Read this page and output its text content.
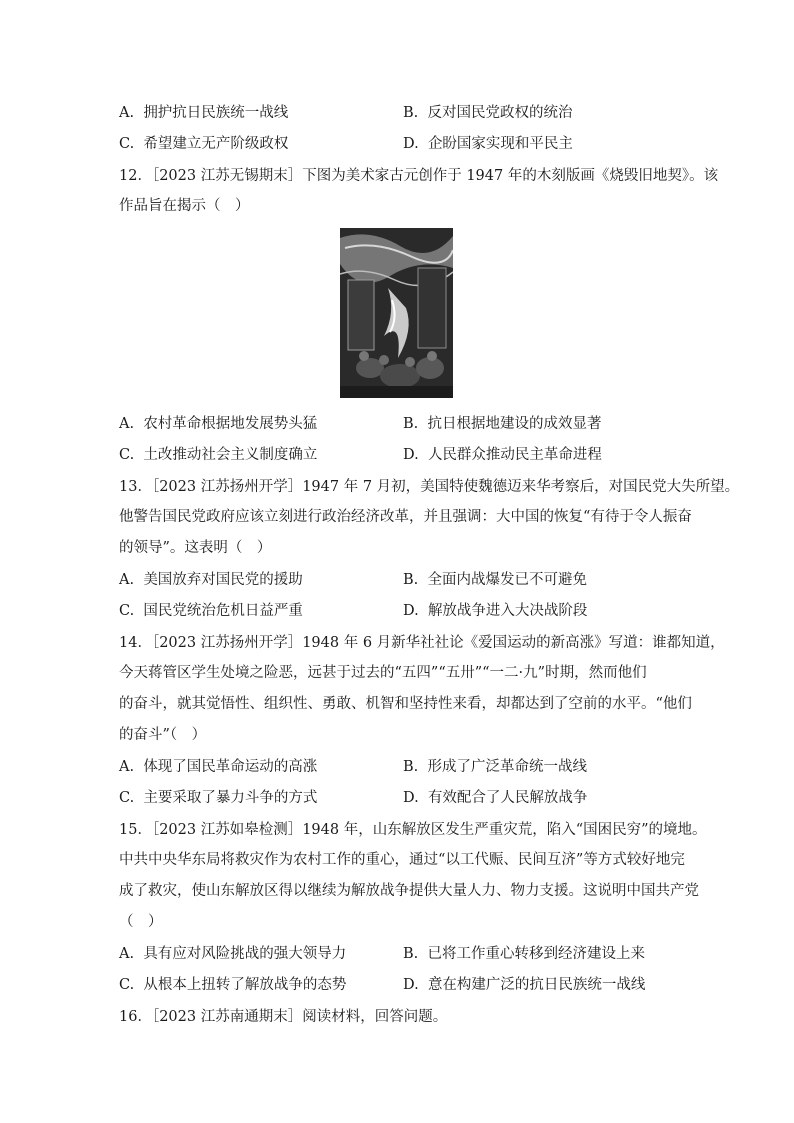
A. 拥护抗日民族统一战线	B. 反对国民党政权的统治
C. 希望建立无产阶级政权	D. 企盼国家实现和平民主
12．［2023 江苏无锡期末］下图为美术家古元创作于 1947 年的木刻版画《烧毁旧地契》。该
作品旨在揭示（　）
A. 农村革命根据地发展势头猛	B. 抗日根据地建设的成效显著
C. 土改推动社会主义制度确立	D. 人民群众推动民主革命进程
13．［2023 江苏扬州开学］1947 年 7 月初，美国特使魏德迈来华考察后，对国民党大失所望。
他警告国民党政府应该立刻进行政治经济改革，并且强调：大中国的恢复“有待于令人振奋
的领导”。这表明（　）
A. 美国放弃对国民党的援助	B. 全面内战爆发已不可避免
C. 国民党统治危机日益严重	D. 解放战争进入大决战阶段
14．［2023 江苏扬州开学］1948 年 6 月新华社社论《爱国运动的新高涨》写道：谁都知道，
今天蒋管区学生处境之险恶，远甚于过去的“五四”“五卅”“一二·九”时期，然而他们
的奋斗，就其觉悟性、组织性、勇敢、机智和坚持性来看，却都达到了空前的水平。“他们
的奋斗”（　）
A. 体现了国民革命运动的高涨	B. 形成了广泛革命统一战线
C. 主要采取了暴力斗争的方式	D. 有效配合了人民解放战争
15．［2023 江苏如皋检测］1948 年，山东解放区发生严重灾荒，陷入“国困民穷”的境地。
中共中央华东局将救灾作为农村工作的重心，通过“以工代赈、民间互济”等方式较好地完
成了救灾，使山东解放区得以继续为解放战争提供大量人力、物力支援。这说明中国共产党
（　）
A. 具有应对风险挑战的强大领导力	B. 已将工作重心转移到经济建设上来
C. 从根本上扭转了解放战争的态势	D. 意在构建广泛的抗日民族统一战线
16．［2023 江苏南通期末］阅读材料，回答问题。
